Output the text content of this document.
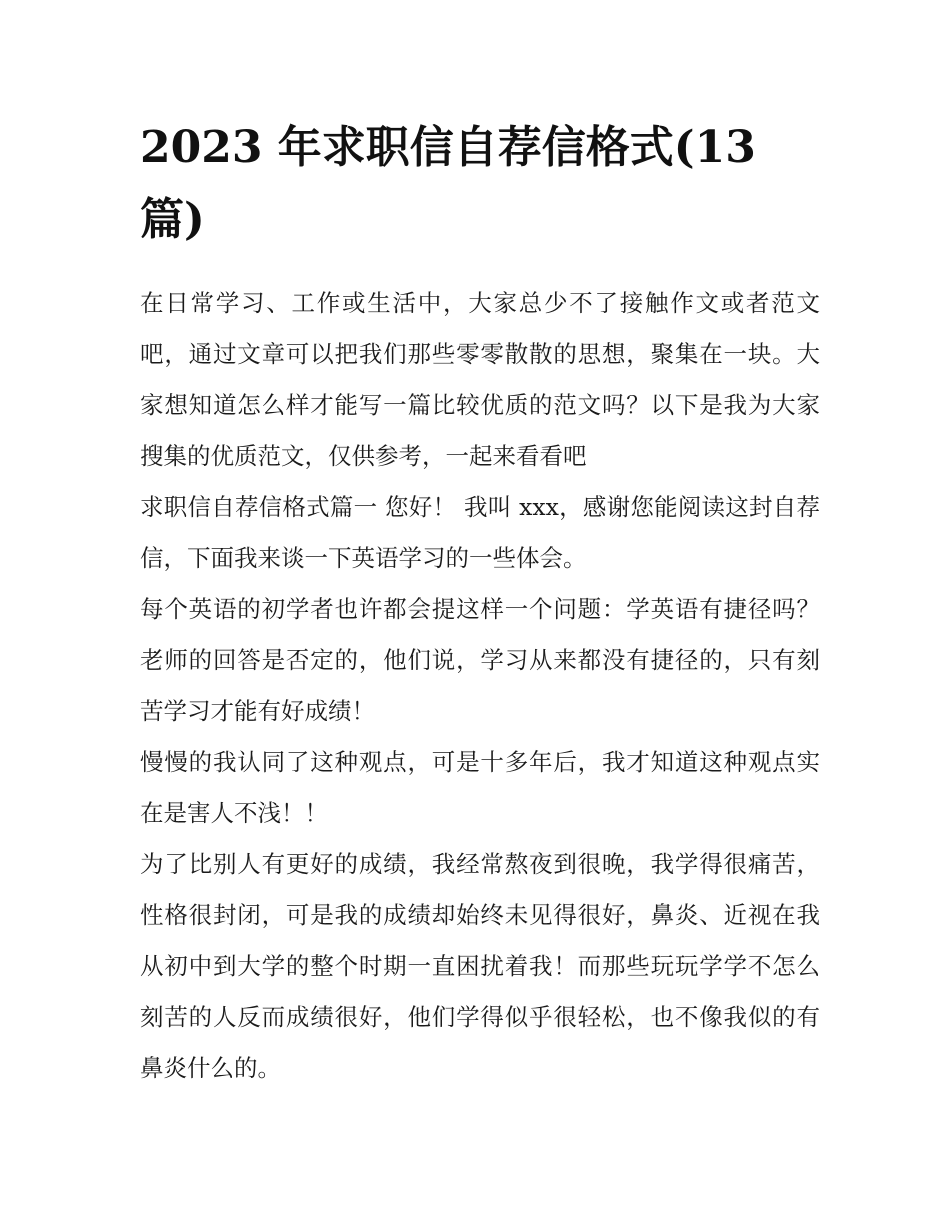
2023 年求职信自荐信格式(13 篇)

在日常学习、工作或生活中，大家总少不了接触作文或者范文吧，通过文章可以把我们那些零零散散的思想，聚集在一块。大家想知道怎么样才能写一篇比较优质的范文吗？以下是我为大家搜集的优质范文，仅供参考，一起来看看吧

求职信自荐信格式篇一 您好！ 我叫 xxx，感谢您能阅读这封自荐信，下面我来谈一下英语学习的一些体会。

每个英语的初学者也许都会提这样一个问题：学英语有捷径吗？老师的回答是否定的，他们说，学习从来都没有捷径的，只有刻苦学习才能有好成绩！

慢慢的我认同了这种观点，可是十多年后，我才知道这种观点实在是害人不浅！！

为了比别人有更好的成绩，我经常熬夜到很晚，我学得很痛苦，性格很封闭，可是我的成绩却始终未见得很好，鼻炎、近视在我从初中到大学的整个时期一直困扰着我！而那些玩玩学学不怎么刻苦的人反而成绩很好，他们学得似乎很轻松，也不像我似的有鼻炎什么的。
